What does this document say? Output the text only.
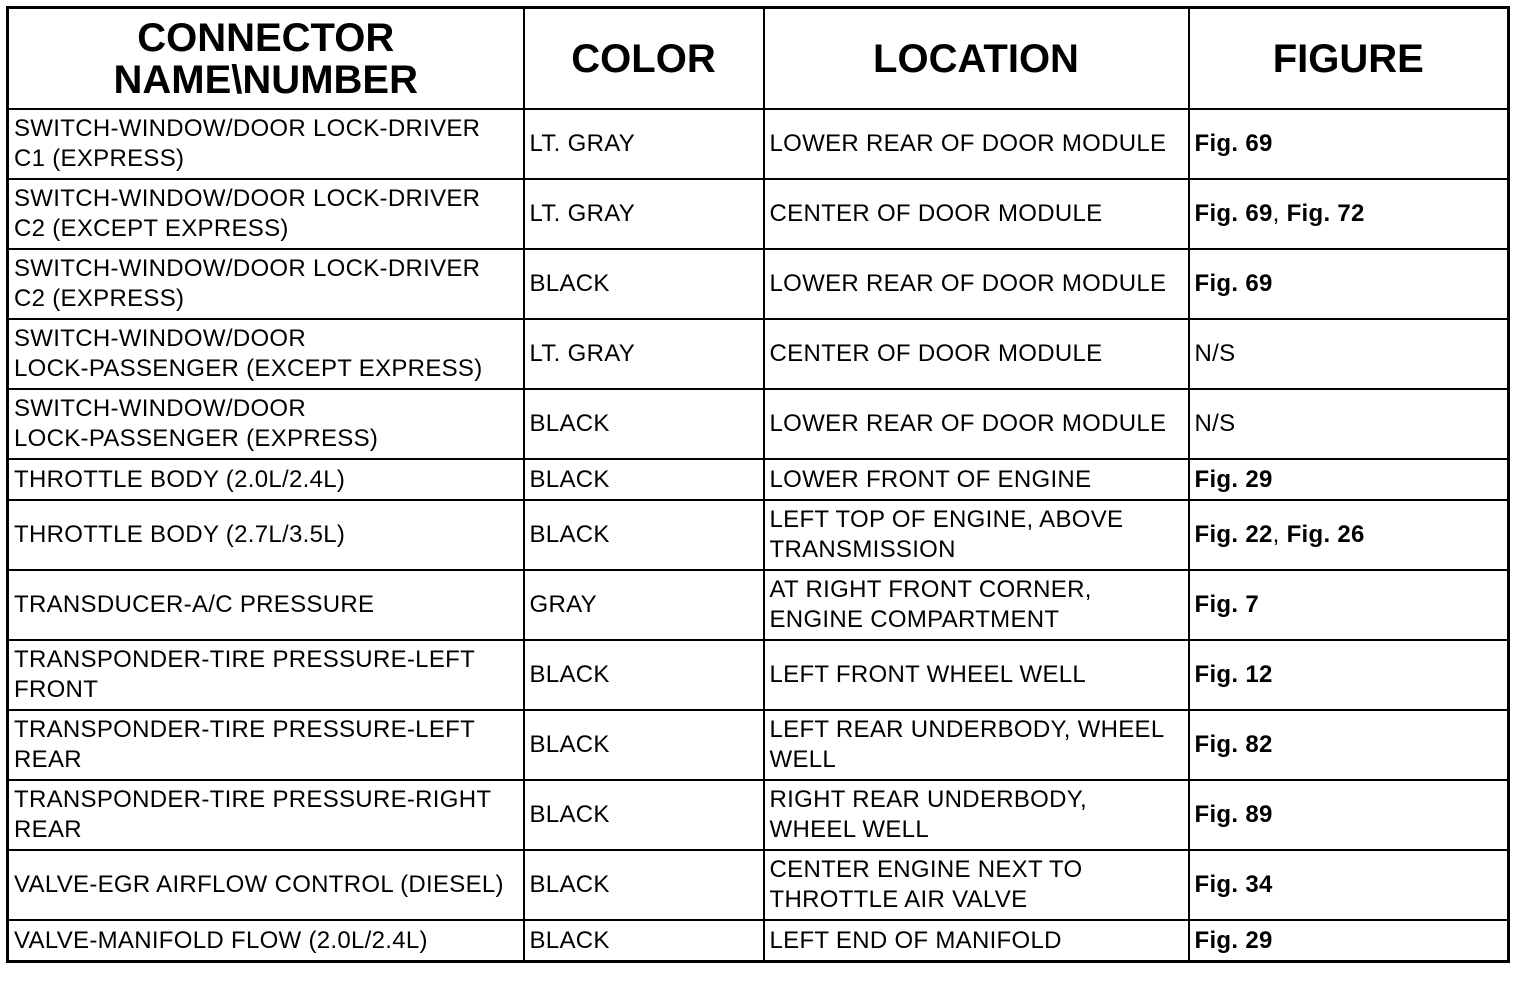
CONNECTOR
NAME\NUMBER	COLOR	LOCATION	FIGURE

SWITCH-WINDOW/DOOR LOCK-DRIVER
C1 (EXPRESS)	LT. GRAY	LOWER REAR OF DOOR MODULE	Fig. 69

SWITCH-WINDOW/DOOR LOCK-DRIVER
C2 (EXCEPT EXPRESS)	LT. GRAY	CENTER OF DOOR MODULE	Fig. 69, Fig. 72

SWITCH-WINDOW/DOOR LOCK-DRIVER
C2 (EXPRESS)	BLACK	LOWER REAR OF DOOR MODULE	Fig. 69

SWITCH-WINDOW/DOOR
LOCK-PASSENGER (EXCEPT EXPRESS)	LT. GRAY	CENTER OF DOOR MODULE	N/S

SWITCH-WINDOW/DOOR
LOCK-PASSENGER (EXPRESS)	BLACK	LOWER REAR OF DOOR MODULE	N/S

THROTTLE BODY (2.0L/2.4L)	BLACK	LOWER FRONT OF ENGINE	Fig. 29

THROTTLE BODY (2.7L/3.5L)	BLACK	LEFT TOP OF ENGINE, ABOVE
TRANSMISSION	Fig. 22, Fig. 26

TRANSDUCER-A/C PRESSURE	GRAY	AT RIGHT FRONT CORNER,
ENGINE COMPARTMENT	Fig. 7

TRANSPONDER-TIRE PRESSURE-LEFT
FRONT	BLACK	LEFT FRONT WHEEL WELL	Fig. 12

TRANSPONDER-TIRE PRESSURE-LEFT
REAR	BLACK	LEFT REAR UNDERBODY, WHEEL
WELL	Fig. 82

TRANSPONDER-TIRE PRESSURE-RIGHT
REAR	BLACK	RIGHT REAR UNDERBODY,
WHEEL WELL	Fig. 89

VALVE-EGR AIRFLOW CONTROL (DIESEL)	BLACK	CENTER ENGINE NEXT TO
THROTTLE AIR VALVE	Fig. 34

VALVE-MANIFOLD FLOW (2.0L/2.4L)	BLACK	LEFT END OF MANIFOLD	Fig. 29
